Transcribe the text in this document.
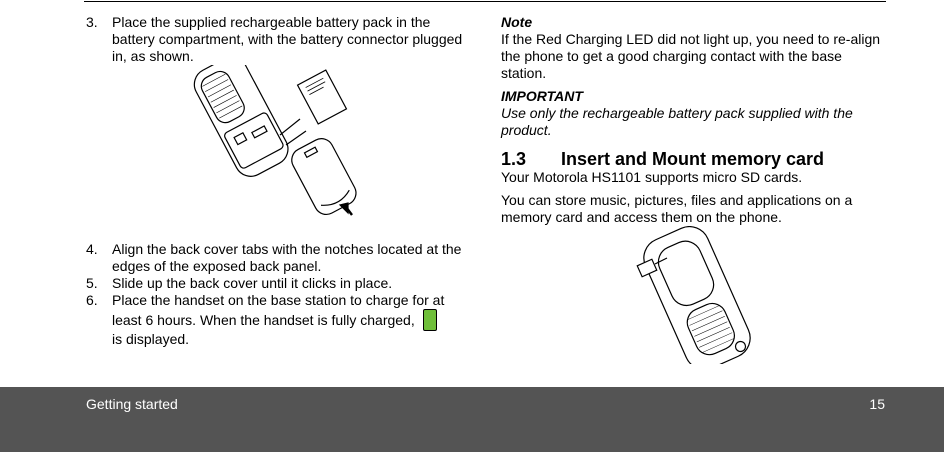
3. Place the supplied rechargeable battery pack in the battery compartment, with the battery connector plugged in, as shown.
4. Align the back cover tabs with the notches located at the edges of the exposed back panel.
5. Slide up the back cover until it clicks in place.
6. Place the handset on the base station to charge for at least 6 hours. When the handset is fully charged,
is displayed.
Note
If the Red Charging LED did not light up, you need to re-align the phone to get a good charging contact with the base station.
IMPORTANT
Use only the rechargeable battery pack supplied with the product.
1.3	Insert and Mount memory card
Your Motorola HS1101 supports micro SD cards.
You can store music, pictures, files and applications on a memory card and access them on the phone.
Getting started	15
